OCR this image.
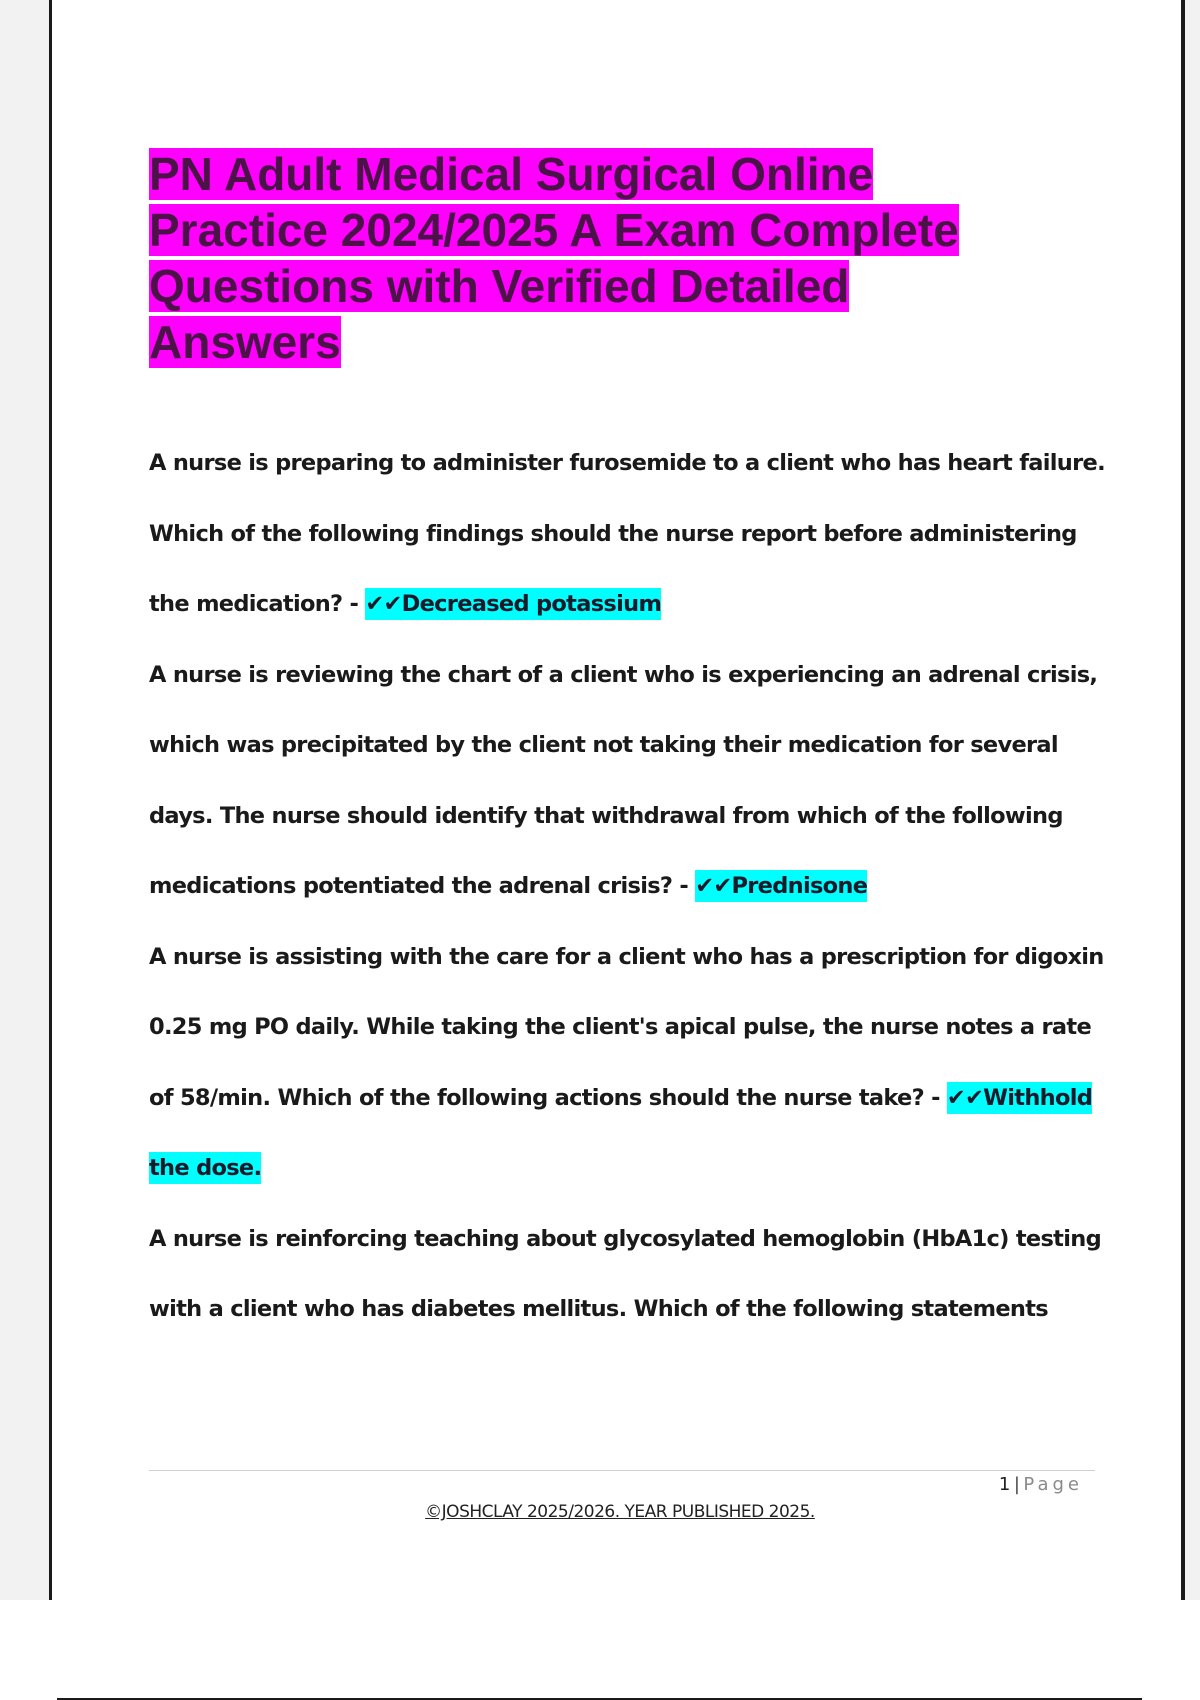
PN Adult Medical Surgical Online Practice 2024/2025 A Exam Complete Questions with Verified Detailed Answers

A nurse is preparing to administer furosemide to a client who has heart failure. Which of the following findings should the nurse report before administering the medication? - ✔✔Decreased potassium

A nurse is reviewing the chart of a client who is experiencing an adrenal crisis, which was precipitated by the client not taking their medication for several days. The nurse should identify that withdrawal from which of the following medications potentiated the adrenal crisis? - ✔✔Prednisone

A nurse is assisting with the care for a client who has a prescription for digoxin 0.25 mg PO daily. While taking the client's apical pulse, the nurse notes a rate of 58/min. Which of the following actions should the nurse take? - ✔✔Withhold the dose.

A nurse is reinforcing teaching about glycosylated hemoglobin (HbA1c) testing with a client who has diabetes mellitus. Which of the following statements

1 | Page
©JOSHCLAY 2025/2026. YEAR PUBLISHED 2025.
